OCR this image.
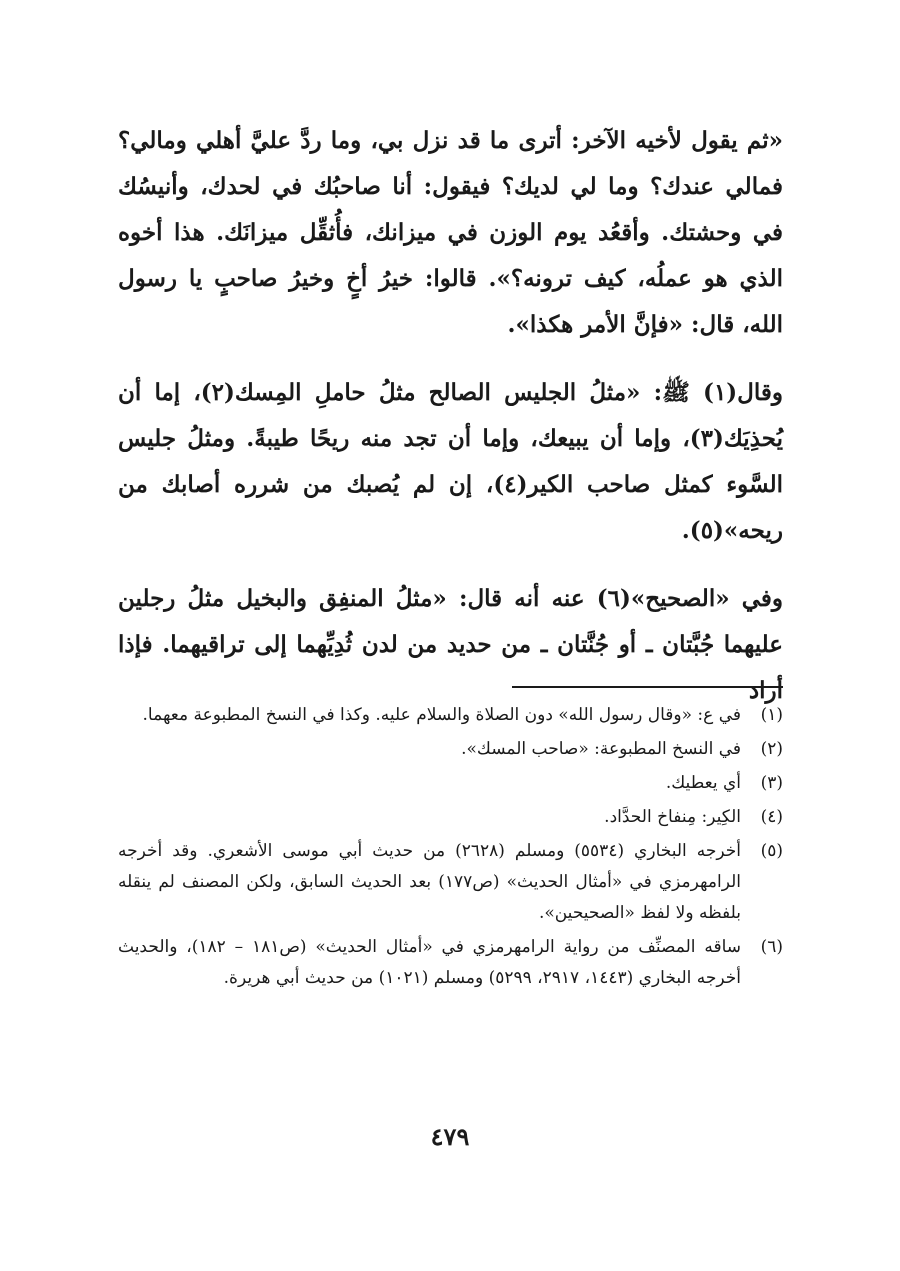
«ثم يقول لأخيه الآخر: أترى ما قد نزل بي، وما ردَّ عليَّ أهلي ومالي؟ فمالي عندك؟ وما لي لديك؟ فيقول: أنا صاحبُك في لحدك، وأنيسُك في وحشتك. وأقعُد يوم الوزن في ميزانك، فأُثقِّل ميزانَك. هذا أخوه الذي هو عملُه، كيف ترونه؟». قالوا: خيرُ أخٍ وخيرُ صاحبٍ يا رسول الله، قال: «فإنَّ الأمر هكذا».

وقال(١) ﷺ: «مثلُ الجليس الصالح مثلُ حاملِ المِسك(٢)، إما أن يُحذِيَك(٣)، وإما أن يبيعك، وإما أن تجد منه ريحًا طيبةً. ومثلُ جليس السَّوء كمثل صاحب الكير(٤)، إن لم يُصبك من شرره أصابك من ريحه»(٥).

وفي «الصحيح»(٦) عنه أنه قال: «مثلُ المنفِق والبخيل مثلُ رجلين عليهما جُبَّتان ـ أو جُنَّتان ـ من حديد من لدن ثُدِيِّهما إلى تراقيهما. فإذا أراد

(١)
في ع: «وقال رسول الله» دون الصلاة والسلام عليه. وكذا في النسخ المطبوعة معهما.
(٢)
في النسخ المطبوعة: «صاحب المسك».
(٣)
أي يعطيك.
(٤)
الكِير: مِنفاخ الحدَّاد.
(٥)
أخرجه البخاري (٥٥٣٤) ومسلم (٢٦٢٨) من حديث أبي موسى الأشعري. وقد أخرجه الرامهرمزي في «أمثال الحديث» (ص١٧٧) بعد الحديث السابق، ولكن المصنف لم ينقله بلفظه ولا لفظ «الصحيحين».
(٦)
ساقه المصنِّف من رواية الرامهرمزي في «أمثال الحديث» (ص١٨١ – ١٨٢)، والحديث أخرجه البخاري (١٤٤٣، ٢٩١٧، ٥٢٩٩) ومسلم (١٠٢١) من حديث أبي هريرة.
٤٧٩
